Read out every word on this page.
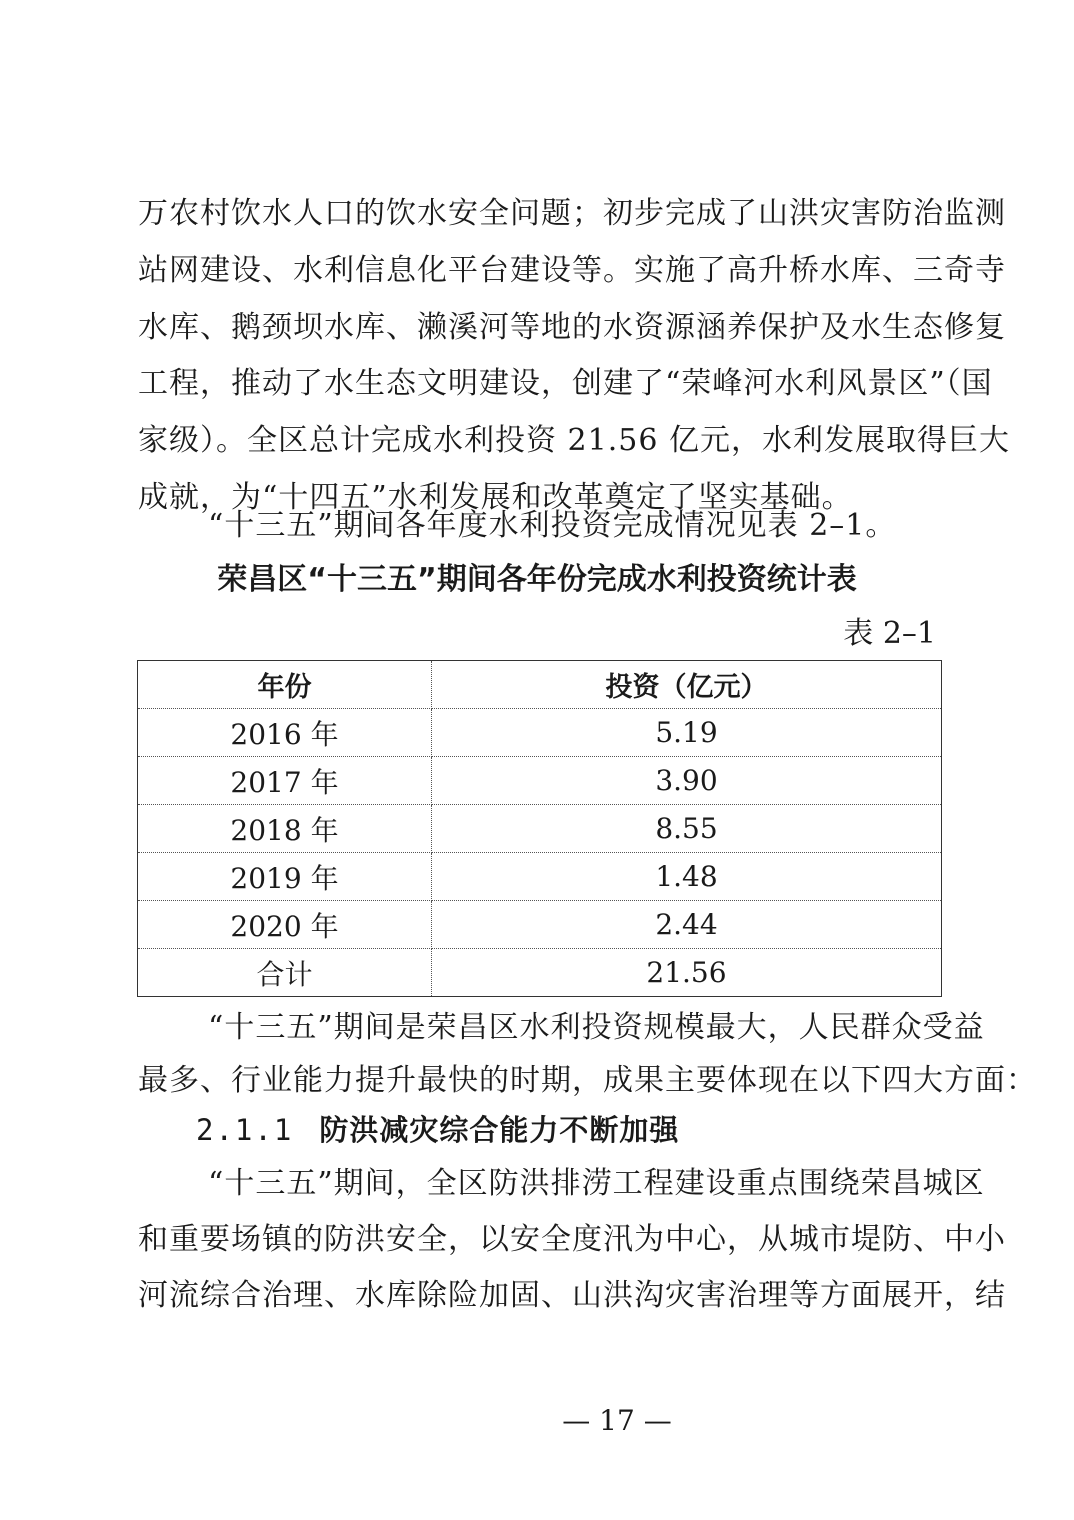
万农村饮水人口的饮水安全问题；初步完成了山洪灾害防治监测
站网建设、水利信息化平台建设等。实施了高升桥水库、三奇寺
水库、鹅颈坝水库、濑溪河等地的水资源涵养保护及水生态修复
工程，推动了水生态文明建设，创建了“荣峰河水利风景区”（国
家级）。全区总计完成水利投资 21.56 亿元，水利发展取得巨大
成就，为“十四五”水利发展和改革奠定了坚实基础。
“十三五”期间各年度水利投资完成情况见表 2–1。
荣昌区“十三五”期间各年份完成水利投资统计表
表 2–1
年份	投资（亿元）
2016 年	5.19
2017 年	3.90
2018 年	8.55
2019 年	1.48
2020 年	2.44
合计	21.56
“十三五”期间是荣昌区水利投资规模最大，人民群众受益
最多、行业能力提升最快的时期，成果主要体现在以下四大方面：
2.1.1 防洪减灾综合能力不断加强
“十三五”期间，全区防洪排涝工程建设重点围绕荣昌城区
和重要场镇的防洪安全，以安全度汛为中心，从城市堤防、中小
河流综合治理、水库除险加固、山洪沟灾害治理等方面展开，结
— 17 —
